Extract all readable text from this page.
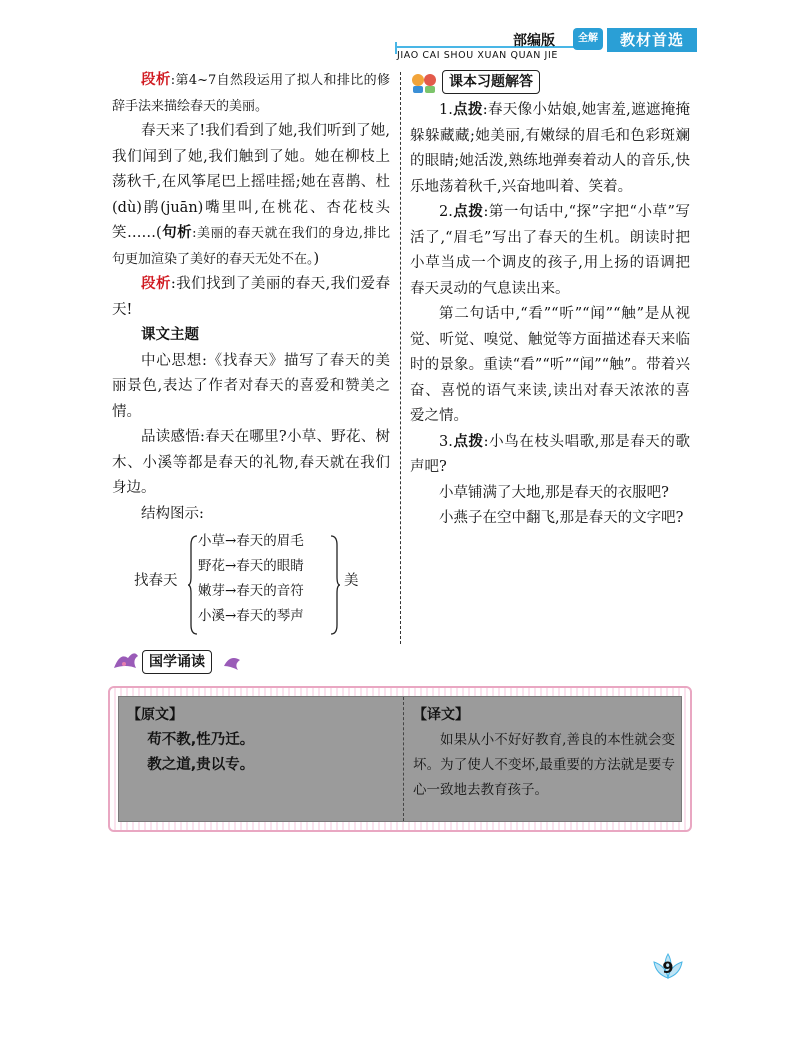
部编版	全解	教材首选
JIAO CAI SHOU XUAN QUAN JIE

段析:第4~7自然段运用了拟人和排比的修辞手法来描绘春天的美丽。

春天来了!我们看到了她,我们听到了她,我们闻到了她,我们触到了她。她在柳枝上荡秋千,在风筝尾巴上摇哇摇;她在喜鹊、杜(dù)鹃(juān)嘴里叫,在桃花、杏花枝头笑……(句析:美丽的春天就在我们的身边,排比句更加渲染了美好的春天无处不在。)

段析:我们找到了美丽的春天,我们爱春天!

课文主题

中心思想:《找春天》描写了春天的美丽景色,表达了作者对春天的喜爱和赞美之情。

品读感悟:春天在哪里?小草、野花、树木、小溪等都是春天的礼物,春天就在我们身边。

结构图示:

找春天
小草→春天的眉毛
野花→春天的眼睛
嫩芽→春天的音符
小溪→春天的琴声
美
课本习题解答

1.点拨:春天像小姑娘,她害羞,遮遮掩掩躲躲藏藏;她美丽,有嫩绿的眉毛和色彩斑斓的眼睛;她活泼,熟练地弹奏着动人的音乐,快乐地荡着秋千,兴奋地叫着、笑着。

2.点拨:第一句话中,“探”字把“小草”写活了,“眉毛”写出了春天的生机。朗读时把小草当成一个调皮的孩子,用上扬的语调把春天灵动的气息读出来。

第二句话中,“看”“听”“闻”“触”是从视觉、听觉、嗅觉、触觉等方面描述春天来临时的景象。重读“看”“听”“闻”“触”。带着兴奋、喜悦的语气来读,读出对春天浓浓的喜爱之情。

3.点拨:小鸟在枝头唱歌,那是春天的歌声吧?

小草铺满了大地,那是春天的衣服吧?

小燕子在空中翻飞,那是春天的文字吧?

国学诵读
【原文】
苟不教,性乃迁。
教之道,贵以专。
【译文】

如果从小不好好教育,善良的本性就会变坏。为了使人不变坏,最重要的方法就是要专心一致地去教育孩子。

9
